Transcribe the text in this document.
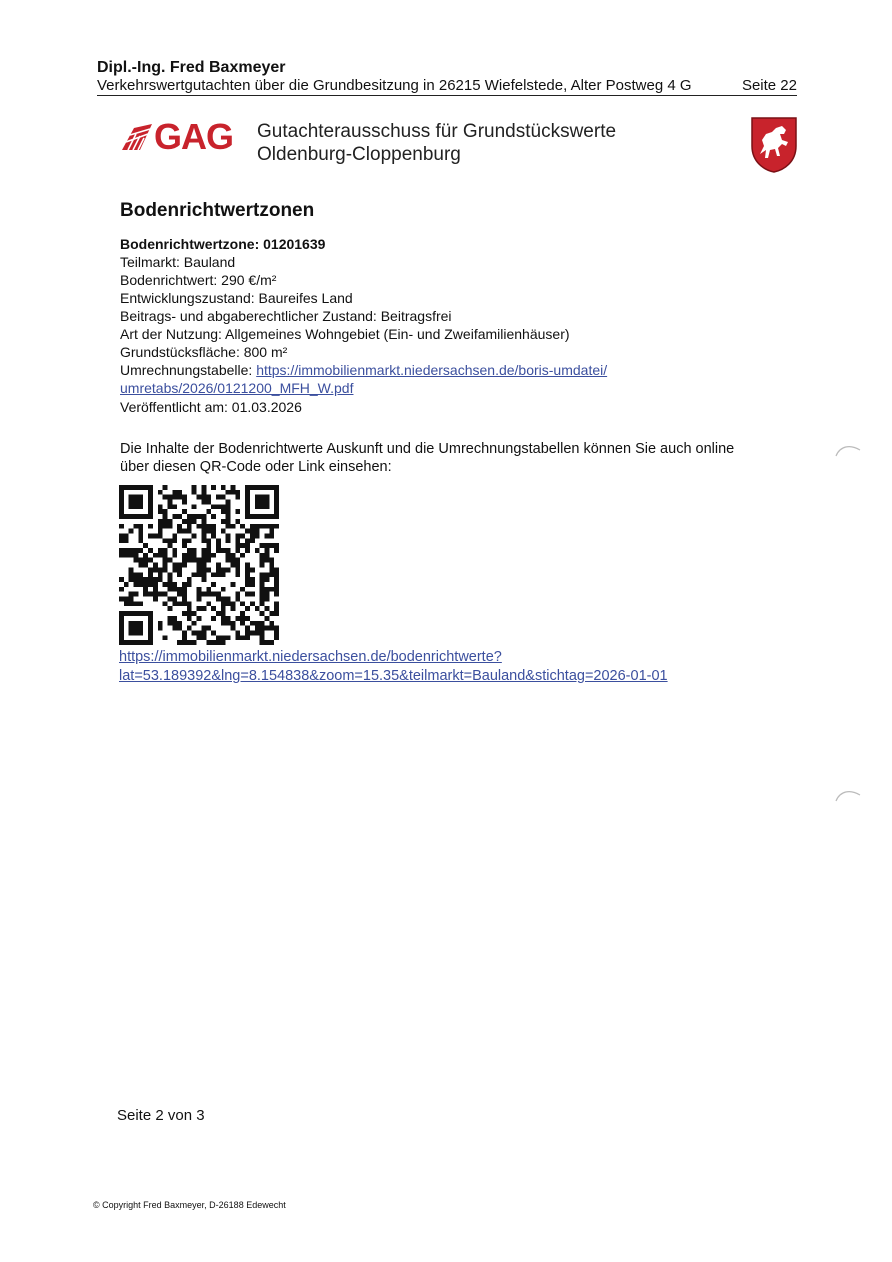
Dipl.-Ing. Fred Baxmeyer
Verkehrswertgutachten über die Grundbesitzung in 26215 Wiefelstede, Alter Postweg 4 G	Seite 22
GAG Gutachterausschuss für Grundstückswerte
Oldenburg-Cloppenburg
Bodenrichtwertzonen
Bodenrichtwertzone: 01201639
Teilmarkt: Bauland
Bodenrichtwert: 290 €/m²
Entwicklungszustand: Baureifes Land
Beitrags- und abgaberechtlicher Zustand: Beitragsfrei
Art der Nutzung: Allgemeines Wohngebiet (Ein- und Zweifamilienhäuser)
Grundstücksfläche: 800 m²
Umrechnungstabelle: https://immobilienmarkt.niedersachsen.de/boris-umdatei/
umretabs/2026/0121200_MFH_W.pdf
Veröffentlicht am: 01.03.2026
Die Inhalte der Bodenrichtwerte Auskunft und die Umrechnungstabellen können Sie auch online
über diesen QR-Code oder Link einsehen:
https://immobilienmarkt.niedersachsen.de/bodenrichtwerte?
lat=53.189392&lng=8.154838&zoom=15.35&teilmarkt=Bauland&stichtag=2026-01-01
Seite 2 von 3
© Copyright Fred Baxmeyer, D-26188 Edewecht
